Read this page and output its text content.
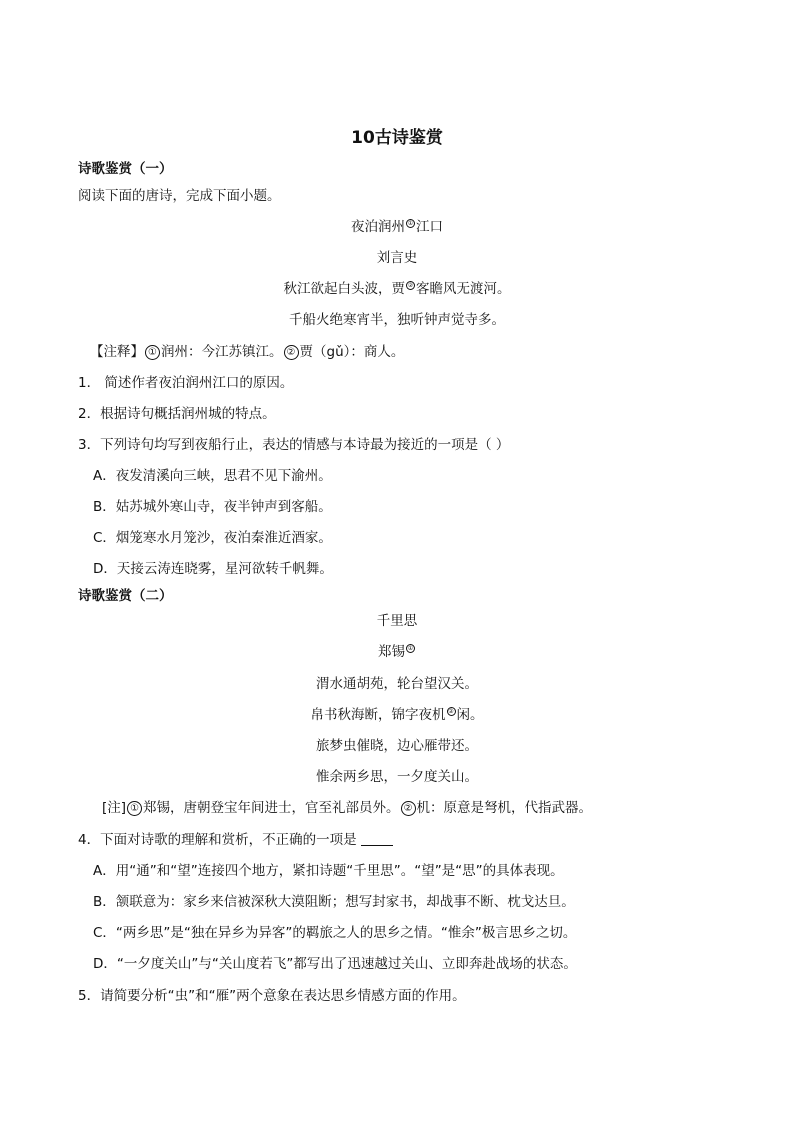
10古诗鉴赏
诗歌鉴赏（一）
阅读下面的唐诗，完成下面小题。
夜泊润州 ① 江口
刘言史
秋江欲起白头波，贾 ② 客瞻风无渡河。
千船火绝寒宵半，独听钟声觉寺多。
【注释】 ① 润州：今江苏镇江。 ② 贾（gǔ）：商人。
1． 简述作者夜泊润州江口的原因。
2．根据诗句概括润州城的特点。
3．下列诗句均写到夜船行止，表达的情感与本诗最为接近的一项是（ ）
A．夜发清溪向三峡，思君不见下渝州。
B．姑苏城外寒山寺，夜半钟声到客船。
C．烟笼寒水月笼沙，夜泊秦淮近酒家。
D．天接云涛连晓雾，星河欲转千帆舞。
诗歌鉴赏（二）
千里思
郑锡 ①
渭水通胡苑，轮台望汉关。
帛书秋海断，锦字夜机 ② 闲。
旅梦虫催晓，边心雁带还。
惟余两乡思，一夕度关山。
[注] ① 郑锡，唐朝登宝年间进士，官至礼部员外。 ② 机：原意是弩机，代指武器。
4．下面对诗歌的理解和赏析，不正确的一项是
A．用“通”和“望”连接四个地方，紧扣诗题“千里思”。“望”是“思”的具体表现。
B．颔联意为：家乡来信被深秋大漠阻断；想写封家书，却战事不断、枕戈达旦。
C．“两乡思”是“独在异乡为异客”的羁旅之人的思乡之情。“惟余”极言思乡之切。
D．“一夕度关山”与“关山度若飞”都写出了迅速越过关山、立即奔赴战场的状态。
5．请简要分析“虫”和“雁”两个意象在表达思乡情感方面的作用。
